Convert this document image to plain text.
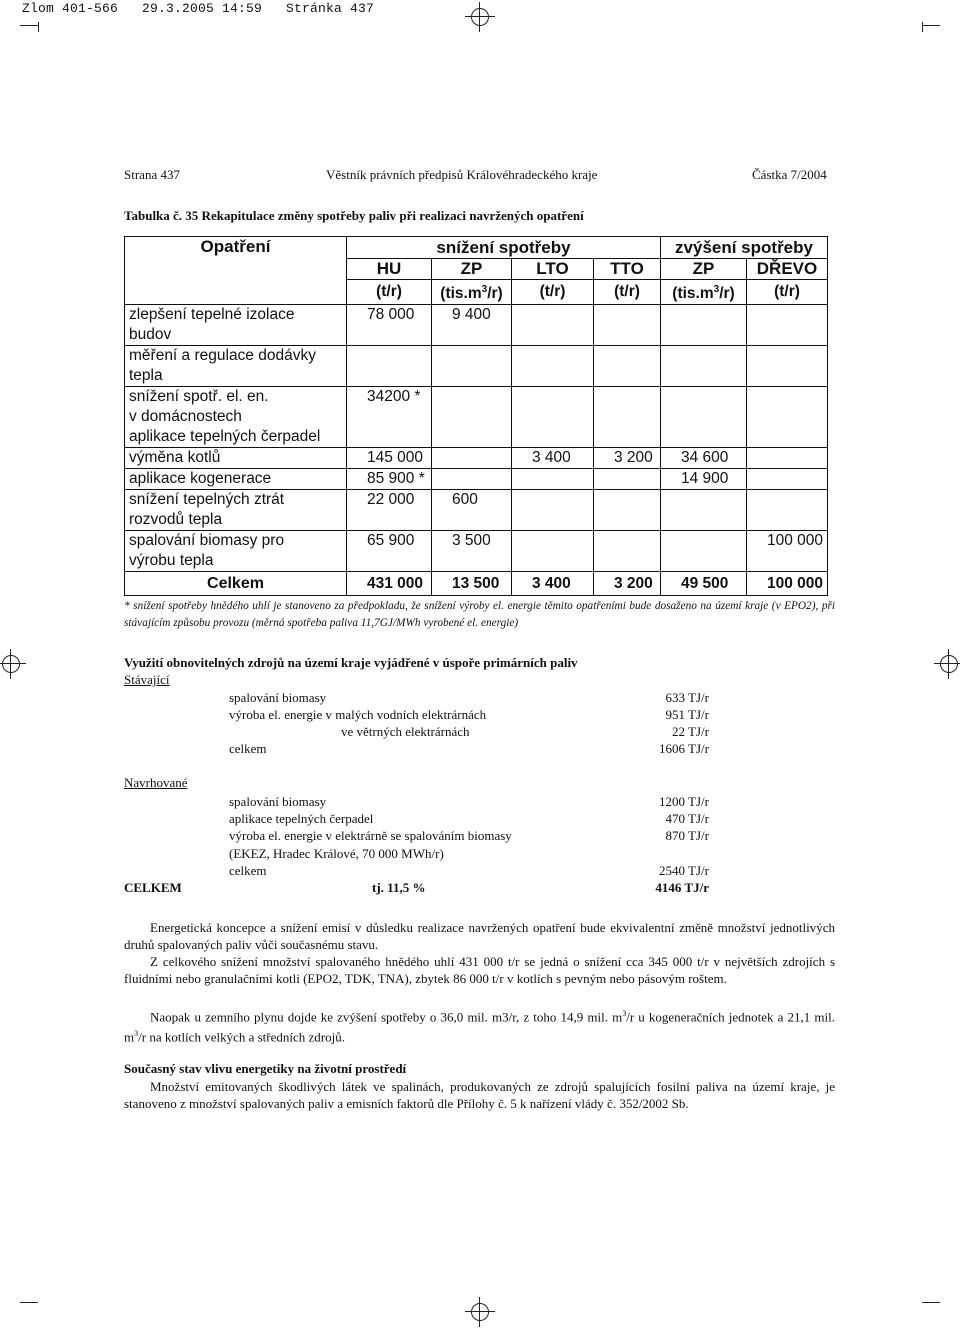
Zlom 401-566   29.3.2005 14:59   Stránka 437
Strana 437	Věstník právních předpisů Královéhradeckého kraje	Částka 7/2004
Tabulka č. 35 Rekapitulace změny spotřeby paliv při realizaci navržených opatření
Opatření	snížení spotřeby				zvýšení spotřeby	
	HU	ZP	LTO	TTO	ZP	DŘEVO
	(t/r)	$(tis.m^3/r)$	(t/r)	(t/r)	$(tis.m^3/r)$	(t/r)

zlepšení tepelné izolace
budov	78 000	9 400				

měření a regulace dodávky
tepla						

snížení spotř. el. en.
v domácnostech
aplikace tepelných čerpadel	34200 *					

výměna kotlů	145 000		3 400	3 200	34 600	

aplikace kogenerace	85 900 *				14 900	

snížení tepelných ztrát
rozvodů tepla	22 000	600				

spalování biomasy pro
výrobu tepla	65 900	3 500				100 000
Celkem	431 000	13 500	3 400	3 200	49 500	100 000
* snížení spotřeby hnědého uhlí je stanoveno za předpokladu, že snížení výroby el. energie těmito opatřeními bude dosaženo na území kraje (v EPO2), při stávajícím způsobu provozu (měrná spotřeba paliva 11,7GJ/MWh vyrobené el. energie)
Využití obnovitelných zdrojů na území kraje vyjádřené v úspoře primárních paliv
Stávající
spalování biomasy	633 TJ/r
výroba el. energie v malých vodních elektrárnách	951 TJ/r
ve větrných elektrárnách	22 TJ/r
celkem	1606 TJ/r
Navrhované
spalování biomasy	1200 TJ/r
aplikace tepelných čerpadel	470 TJ/r
výroba el. energie v elektrárně se spalováním biomasy	870 TJ/r
(EKEZ, Hradec Králové, 70 000 MWh/r)
celkem	2540 TJ/r
CELKEM	tj. 11,5 %	4146 TJ/r
Energetická koncepce a snížení emisí v důsledku realizace navržených opatření bude ekvivalentní změně množství jednotlivých druhů spalovaných paliv vůči současnému stavu.
Z celkového snížení množství spalovaného hnědého uhlí 431 000 t/r se jedná o snížení cca 345 000 t/r v největších zdrojích s fluidními nebo granulačními kotli (EPO2, TDK, TNA), zbytek 86 000 t/r v kotlích s pevným nebo pásovým roštem.
Naopak u zemního plynu dojde ke zvýšení spotřeby o 36,0 mil. m3/r, z toho 14,9 mil. $m^3/r$ u kogeneračních jednotek a 21,1 mil. $m^3/r$ na kotlích velkých a středních zdrojů.
Současný stav vlivu energetiky na životní prostředí
Množství emitovaných škodlivých látek ve spalinách, produkovaných ze zdrojů spalujících fosilní paliva na území kraje, je stanoveno z množství spalovaných paliv a emisních faktorů dle Přílohy č. 5 k nařízení vlády č. 352/2002 Sb.
